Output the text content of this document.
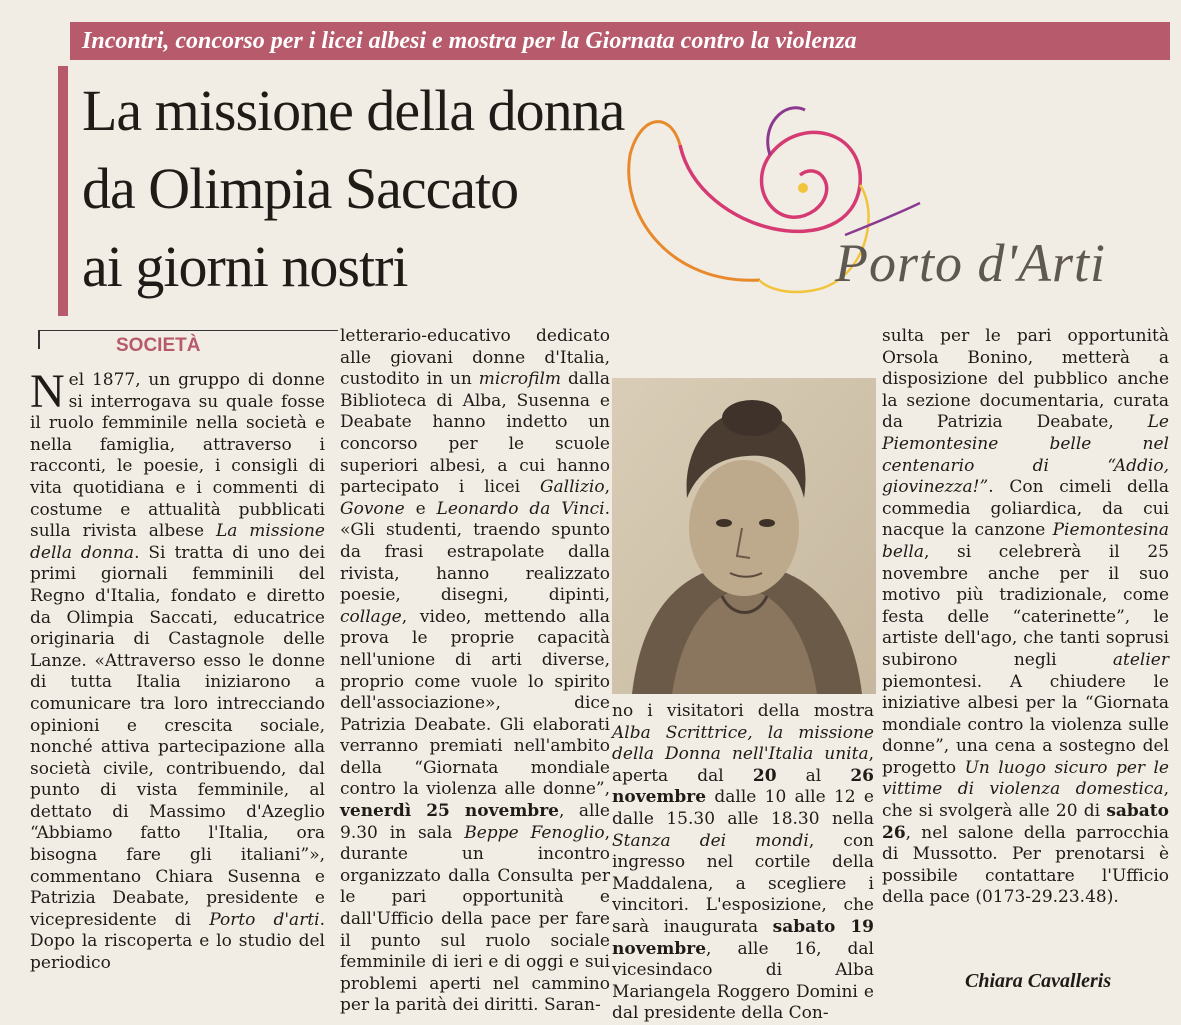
Incontri, concorso per i licei albesi e mostra per la Giornata contro la violenza
La missione della donna
da Olimpia Saccato
ai giorni nostri	Porto d'Arti
SOCIETÀ

Nel 1877, un gruppo di donne si interrogava su quale fosse il ruolo femminile nella società e nella famiglia, attraverso i racconti, le poesie, i consigli di vita quotidiana e i commenti di costume e attualità pubblicati sulla rivista albese La missione della donna. Si tratta di uno dei primi giornali femminili del Regno d'Italia, fondato e diretto da Olimpia Saccati, educatrice originaria di Castagnole delle Lanze. «Attraverso esso le donne di tutta Italia iniziarono a comunicare tra loro intrecciando opinioni e crescita sociale, nonché attiva partecipazione alla società civile, contribuendo, dal punto di vista femminile, al dettato di Massimo d'Azeglio “Abbiamo fatto l'Italia, ora bisogna fare gli italiani”», commentano Chiara Susenna e Patrizia Deabate, presidente e vicepresidente di Porto d'arti. Dopo la riscoperta e lo studio del periodico

letterario-educativo dedicato alle giovani donne d'Italia, custodito in un microfilm dalla Biblioteca di Alba, Susenna e Deabate hanno indetto un concorso per le scuole superiori albesi, a cui hanno partecipato i licei Gallizio, Govone e Leonardo da Vinci. «Gli studenti, traendo spunto da frasi estrapolate dalla rivista, hanno realizzato poesie, disegni, dipinti, collage, video, mettendo alla prova le proprie capacità nell'unione di arti diverse, proprio come vuole lo spirito dell'associazione», dice Patrizia Deabate. Gli elaborati verranno premiati nell'ambito della “Giornata mondiale contro la violenza alle donne”, venerdì 25 novembre, alle 9.30 in sala Beppe Fenoglio, durante un incontro organizzato dalla Consulta per le pari opportunità e dall'Ufficio della pace per fare il punto sul ruolo sociale femminile di ieri e di oggi e sui problemi aperti nel cammino per la parità dei diritti. Saran-

no i visitatori della mostra Alba Scrittrice, la missione della Donna nell'Italia unita, aperta dal 20 al 26 novembre dalle 10 alle 12 e dalle 15.30 alle 18.30 nella Stanza dei mondi, con ingresso nel cortile della Maddalena, a scegliere i vincitori. L'esposizione, che sarà inaugurata sabato 19 novembre, alle 16, dal vicesindaco di Alba Mariangela Roggero Domini e dal presidente della Con-

sulta per le pari opportunità Orsola Bonino, metterà a disposizione del pubblico anche la sezione documentaria, curata da Patrizia Deabate, Le Piemontesine belle nel centenario di “Addio, giovinezza!”. Con cimeli della commedia goliardica, da cui nacque la canzone Piemontesina bella, si celebrerà il 25 novembre anche per il suo motivo più tradizionale, come festa delle “caterinette”, le artiste dell'ago, che tanti soprusi subirono negli atelier piemontesi. A chiudere le iniziative albesi per la “Giornata mondiale contro la violenza sulle donne”, una cena a sostegno del progetto Un luogo sicuro per le vittime di violenza domestica, che si svolgerà alle 20 di sabato 26, nel salone della parrocchia di Mussotto. Per prenotarsi è possibile contattare l'Ufficio della pace (0173-29.23.48).

Chiara Cavalleris
